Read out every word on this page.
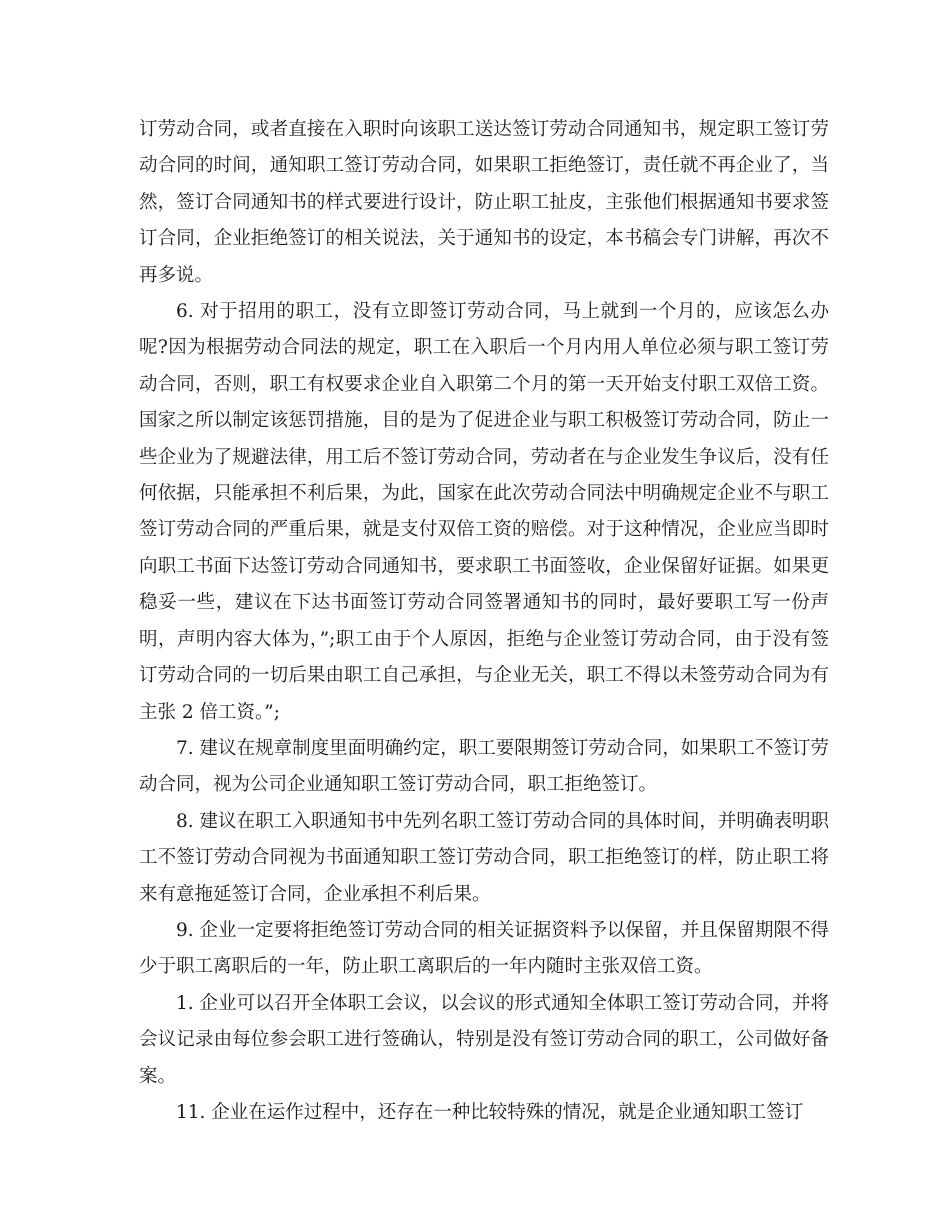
订劳动合同，或者直接在入职时向该职工送达签订劳动合同通知书，规定职工签订劳动合同的时间，通知职工签订劳动合同，如果职工拒绝签订，责任就不再企业了，当然，签订合同通知书的样式要进行设计，防止职工扯皮，主张他们根据通知书要求签订合同，企业拒绝签订的相关说法，关于通知书的设定，本书稿会专门讲解，再次不再多说。

6. 对于招用的职工，没有立即签订劳动合同，马上就到一个月的，应该怎么办呢?因为根据劳动合同法的规定，职工在入职后一个月内用人单位必须与职工签订劳动合同，否则，职工有权要求企业自入职第二个月的第一天开始支付职工双倍工资。国家之所以制定该惩罚措施，目的是为了促进企业与职工积极签订劳动合同，防止一些企业为了规避法律，用工后不签订劳动合同，劳动者在与企业发生争议后，没有任何依据，只能承担不利后果，为此，国家在此次劳动合同法中明确规定企业不与职工签订劳动合同的严重后果，就是支付双倍工资的赔偿。对于这种情况，企业应当即时向职工书面下达签订劳动合同通知书，要求职工书面签收，企业保留好证据。如果更稳妥一些，建议在下达书面签订劳动合同签署通知书的同时，最好要职工写一份声明，声明内容大体为，”;职工由于个人原因，拒绝与企业签订劳动合同，由于没有签订劳动合同的一切后果由职工自己承担，与企业无关，职工不得以未签劳动合同为有主张 2 倍工资。”;

7. 建议在规章制度里面明确约定，职工要限期签订劳动合同，如果职工不签订劳动合同，视为公司企业通知职工签订劳动合同，职工拒绝签订。

8. 建议在职工入职通知书中先列名职工签订劳动合同的具体时间，并明确表明职工不签订劳动合同视为书面通知职工签订劳动合同，职工拒绝签订的样，防止职工将来有意拖延签订合同，企业承担不利后果。

9. 企业一定要将拒绝签订劳动合同的相关证据资料予以保留，并且保留期限不得少于职工离职后的一年，防止职工离职后的一年内随时主张双倍工资。

1. 企业可以召开全体职工会议，以会议的形式通知全体职工签订劳动合同，并将会议记录由每位参会职工进行签确认，特别是没有签订劳动合同的职工，公司做好备案。

11. 企业在运作过程中，还存在一种比较特殊的情况，就是企业通知职工签订
